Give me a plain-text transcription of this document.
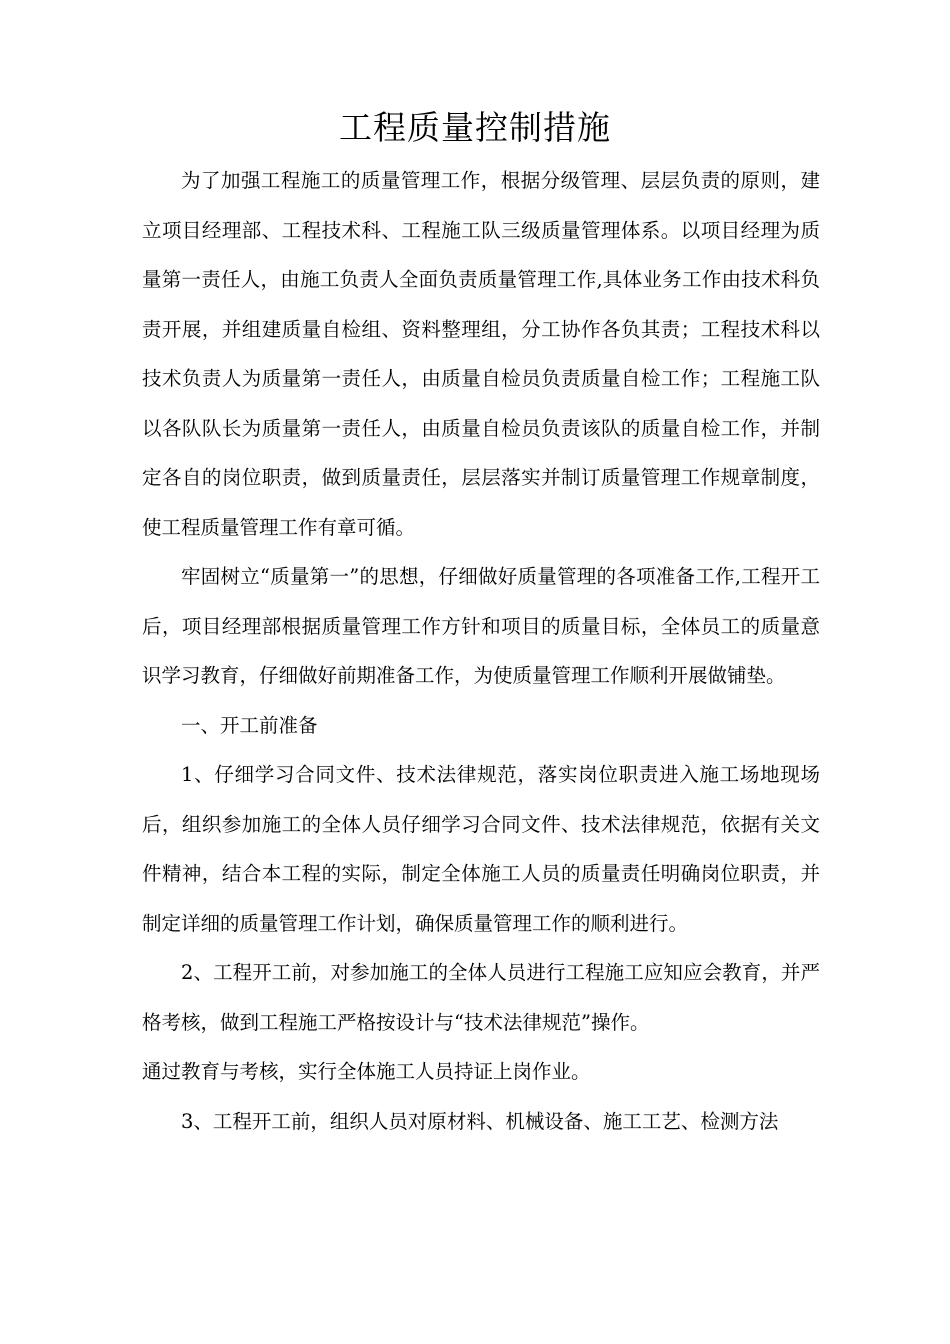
工程质量控制措施

为了加强工程施工的质量管理工作，根据分级管理、层层负责的原则，建立项目经理部、工程技术科、工程施工队三级质量管理体系。以项目经理为质量第一责任人，由施工负责人全面负责质量管理工作,具体业务工作由技术科负责开展，并组建质量自检组、资料整理组，分工协作各负其责；工程技术科以技术负责人为质量第一责任人，由质量自检员负责质量自检工作；工程施工队以各队队长为质量第一责任人，由质量自检员负责该队的质量自检工作，并制定各自的岗位职责，做到质量责任，层层落实并制订质量管理工作规章制度，使工程质量管理工作有章可循。

牢固树立“质量第一”的思想，仔细做好质量管理的各项准备工作,工程开工后，项目经理部根据质量管理工作方针和项目的质量目标，全体员工的质量意识学习教育，仔细做好前期准备工作，为使质量管理工作顺利开展做铺垫。

一、开工前准备

1、仔细学习合同文件、技术法律规范，落实岗位职责进入施工场地现场后，组织参加施工的全体人员仔细学习合同文件、技术法律规范，依据有关文件精神，结合本工程的实际，制定全体施工人员的质量责任明确岗位职责，并制定详细的质量管理工作计划，确保质量管理工作的顺利进行。

2、工程开工前，对参加施工的全体人员进行工程施工应知应会教育，并严格考核，做到工程施工严格按设计与“技术法律规范”操作。

通过教育与考核，实行全体施工人员持证上岗作业。

3、工程开工前，组织人员对原材料、机械设备、施工工艺、检测方法
